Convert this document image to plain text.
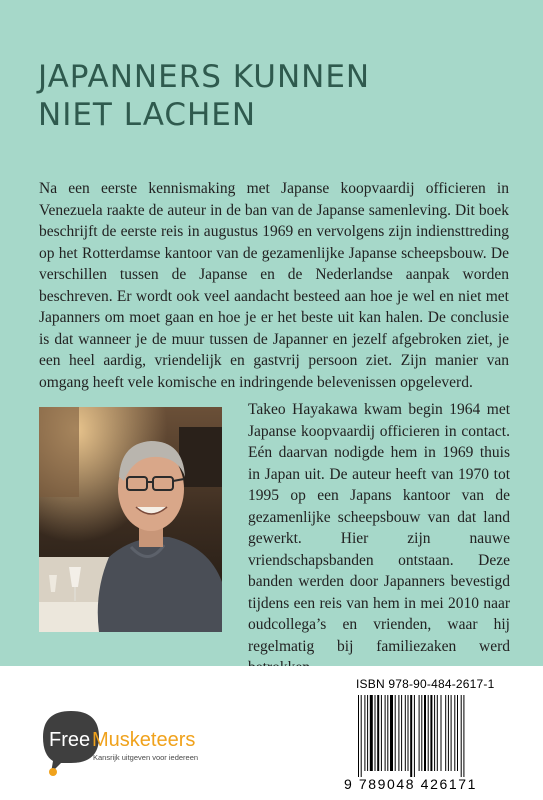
JAPANNERS KUNNEN
NIET LACHEN

Na een eerste kennismaking met Japanse koopvaardij officieren in Venezuela raakte de auteur in de ban van de Japanse samenleving. Dit boek beschrijft de eerste reis in augustus 1969 en vervolgens zijn indiensttreding op het Rotterdamse kantoor van de gezamenlijke Japanse scheepsbouw. De verschillen tussen de Japanse en de Nederlandse aanpak worden beschreven. Er wordt ook veel aandacht besteed aan hoe je wel en niet met Japanners om moet gaan en hoe je er het beste uit kan halen. De conclusie is dat wanneer je de muur tussen de Japanner en jezelf afgebroken ziet, je een heel aardig, vriendelijk en gastvrij persoon ziet. Zijn manier van omgang heeft vele komische en indringende belevenissen opgeleverd.

Takeo Hayakawa kwam begin 1964 met Japanse koopvaardij officieren in contact. Eén daarvan nodigde hem in 1969 thuis in Japan uit. De auteur heeft van 1970 tot 1995 op een Japans kantoor van de gezamenlijke scheepsbouw van dat land gewerkt. Hier zijn nauwe vriendschapsbanden ontstaan. Deze banden werden door Japanners bevestigd tijdens een reis van hem in mei 2010 naar oudcollega’s en vrienden, waar hij regelmatig bij familiezaken werd

Free Musketeers
Kansrijk uitgeven voor iedereen
ISBN 978-90-484-2617-1
9 789048 426171
